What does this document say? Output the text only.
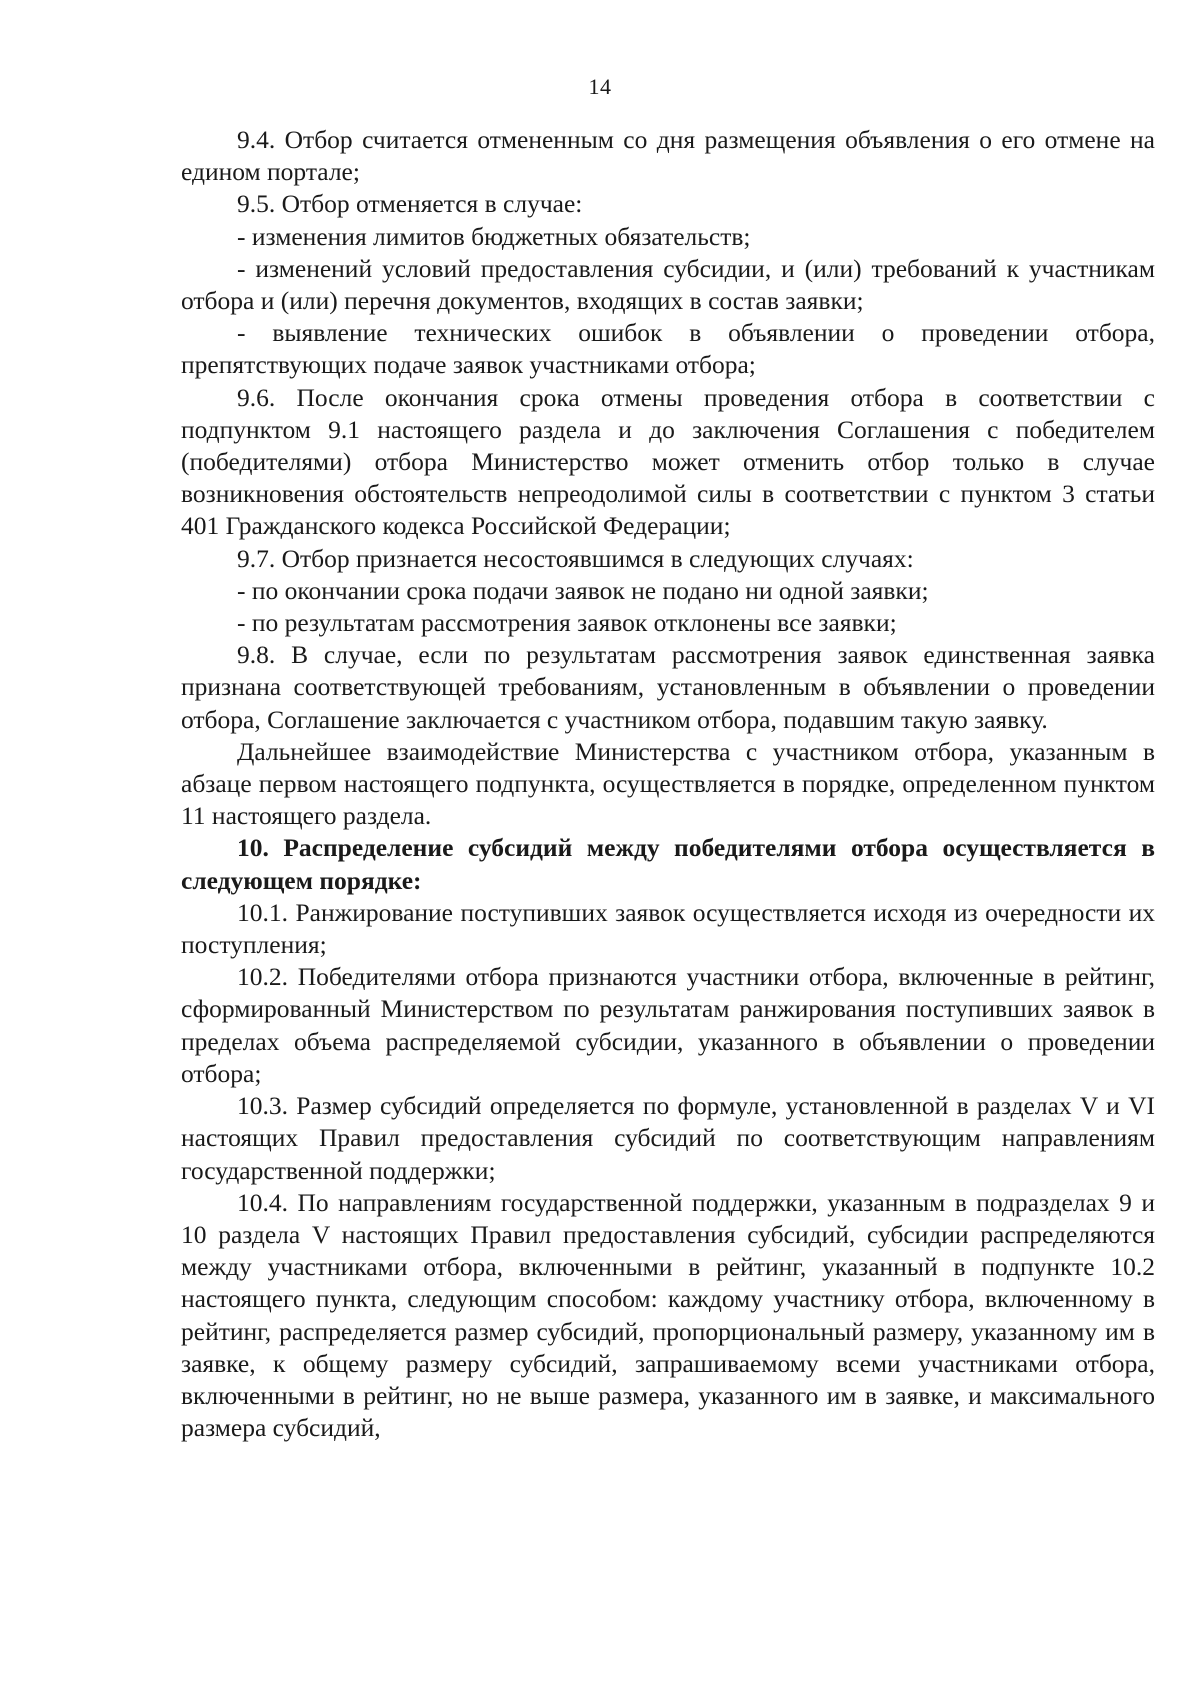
14

9.4. Отбор считается отмененным со дня размещения объявления о его отмене на едином портале;

9.5. Отбор отменяется в случае:

- изменения лимитов бюджетных обязательств;

- изменений условий предоставления субсидии, и (или) требований к участникам отбора и (или) перечня документов, входящих в состав заявки;

- выявление технических ошибок в объявлении о проведении отбора, препятствующих подаче заявок участниками отбора;

9.6. После окончания срока отмены проведения отбора в соответствии с подпунктом 9.1 настоящего раздела и до заключения Соглашения с победителем (победителями) отбора Министерство может отменить отбор только в случае возникновения обстоятельств непреодолимой силы в соответствии с пунктом 3 статьи 401 Гражданского кодекса Российской Федерации;

9.7. Отбор признается несостоявшимся в следующих случаях:

- по окончании срока подачи заявок не подано ни одной заявки;

- по результатам рассмотрения заявок отклонены все заявки;

9.8. В случае, если по результатам рассмотрения заявок единственная заявка признана соответствующей требованиям, установленным в объявлении о проведении отбора, Соглашение заключается с участником отбора, подавшим такую заявку.

Дальнейшее взаимодействие Министерства с участником отбора, указанным в абзаце первом настоящего подпункта, осуществляется в порядке, определенном пунктом 11 настоящего раздела.

10. Распределение субсидий между победителями отбора осуществляется в следующем порядке:

10.1. Ранжирование поступивших заявок осуществляется исходя из очередности их поступления;

10.2. Победителями отбора признаются участники отбора, включенные в рейтинг, сформированный Министерством по результатам ранжирования поступивших заявок в пределах объема распределяемой субсидии, указанного в объявлении о проведении отбора;

10.3. Размер субсидий определяется по формуле, установленной в разделах V и VI настоящих Правил предоставления субсидий по соответствующим направлениям государственной поддержки;

10.4. По направлениям государственной поддержки, указанным в подразделах 9 и 10 раздела V настоящих Правил предоставления субсидий, субсидии распределяются между участниками отбора, включенными в рейтинг, указанный в подпункте 10.2 настоящего пункта, следующим способом: каждому участнику отбора, включенному в рейтинг, распределяется размер субсидий, пропорциональный размеру, указанному им в заявке, к общему размеру субсидий, запрашиваемому всеми участниками отбора, включенными в рейтинг, но не выше размера, указанного им в заявке, и максимального размера субсидий,
